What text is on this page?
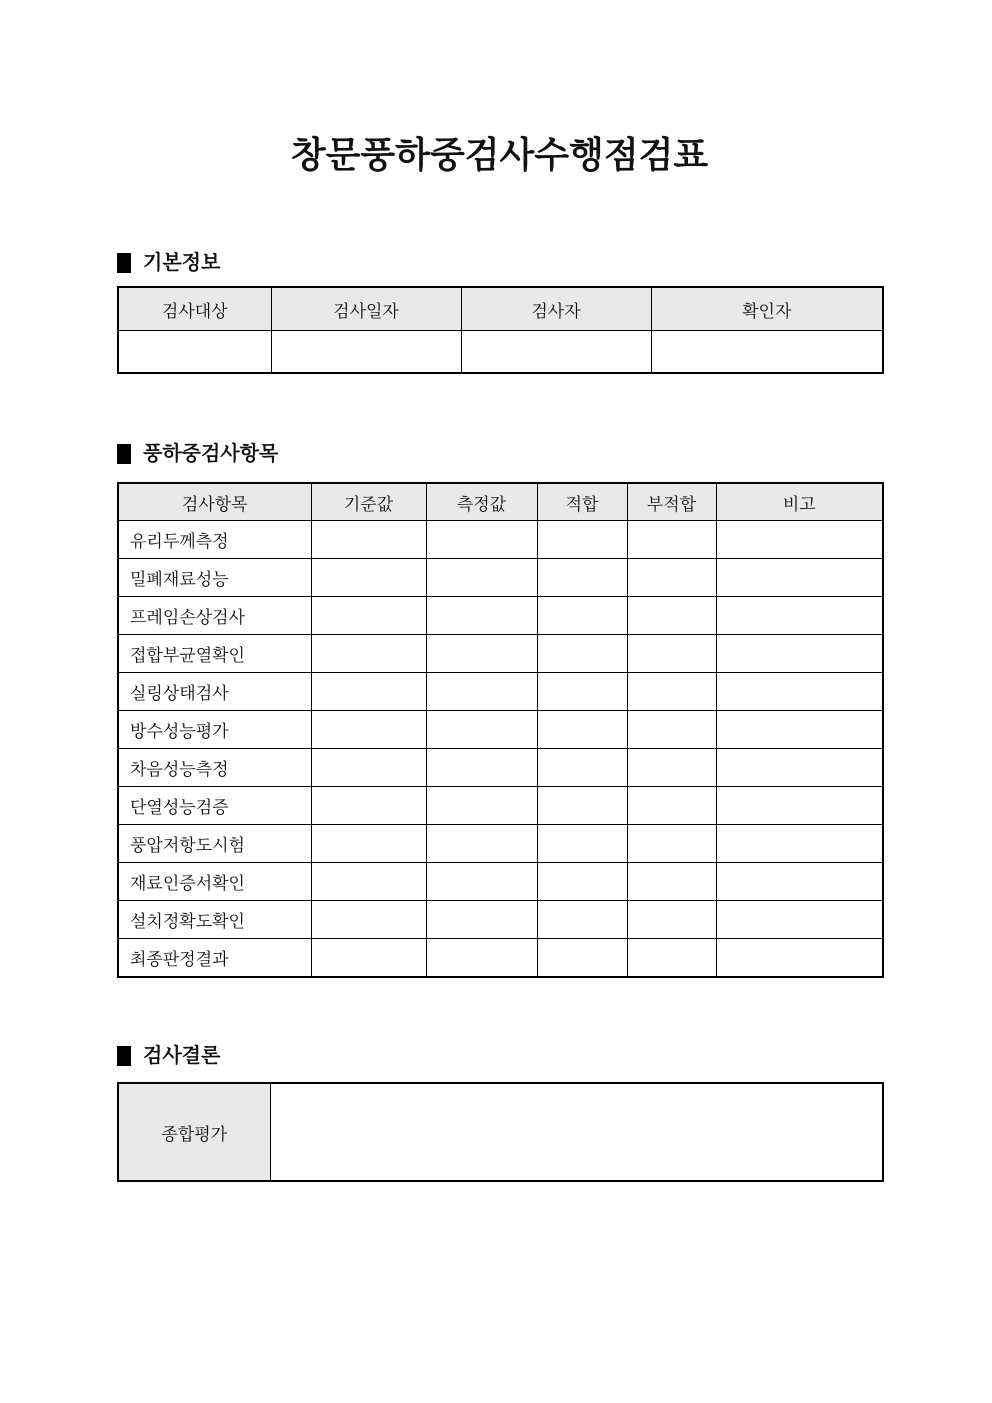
창문풍하중검사수행점검표
기본정보
검사대상	검사일자	검사자	확인자

풍하중검사항목
검사항목	기준값	측정값	적합	부적합	비고
유리두께측정					
밀폐재료성능					
프레임손상검사					
접합부균열확인					
실링상태검사					
방수성능평가					
차음성능측정					
단열성능검증					
풍압저항도시험					
재료인증서확인					
설치정확도확인					
최종판정결과					
검사결론
종합평가	
